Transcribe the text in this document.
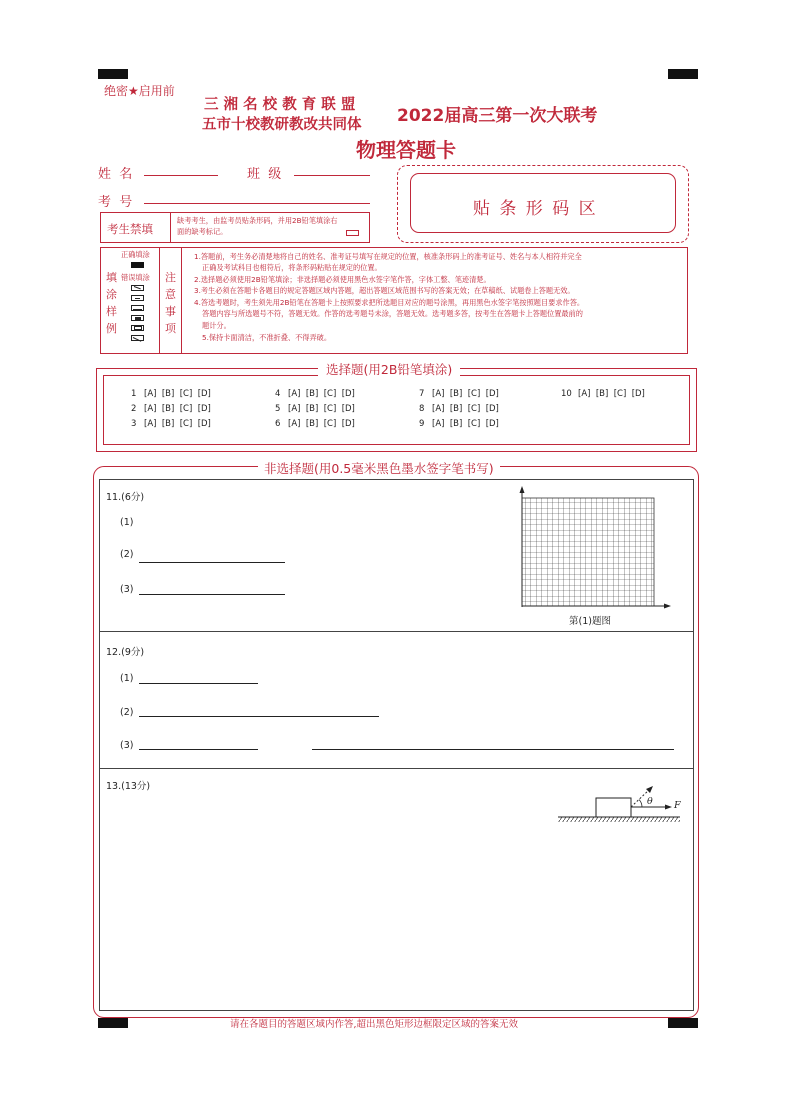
绝密★启用前
三 湘 名 校 教 育 联 盟
五市十校教研教改共同体 2022届高三第一次大联考
物理答题卡
姓  名	班  级
考  号
考生禁填
缺考考生，由监考员贴条形码，并用2B铅笔填涂右
面的缺考标记。
贴 条 形 码 区
填
涂
样
例
正确填涂
错误填涂 注
意
事
项
1.答题前，考生务必清楚地将自己的姓名、准考证号填写在规定的位置，核准条形码上的准考证号、姓名与本人相符并完全
正确及考试科目也相符后，将条形码粘贴在规定的位置。
2.选择题必须使用2B铅笔填涂；非选择题必须使用黑色水签字笔作答，字体工整、笔迹清楚。
3.考生必须在答题卡各题目的规定答题区域内答题，超出答题区域范围书写的答案无效；在草稿纸、试题卷上答题无效。
4.答选考题时，考生须先用2B铅笔在答题卡上按照要求把所选题目对应的题号涂黑，再用黑色水签字笔按照题目要求作答。
答题内容与所选题号不符，答题无效。作答的选考题号未涂，答题无效。选考题多答，按考生在答题卡上答题位置最前的
题计分。
5.保持卡面清洁，不准折叠、不得弄破。
选择题(用2B铅笔填涂)
1 [A]  [B]  [C]  [D]
2 [A]  [B]  [C]  [D]
3 [A]  [B]  [C]  [D]
4 [A]  [B]  [C]  [D]
5 [A]  [B]  [C]  [D]
6 [A]  [B]  [C]  [D]
7 [A]  [B]  [C]  [D]
8 [A]  [B]  [C]  [D]
9 [A]  [B]  [C]  [D]
10 [A]  [B]  [C]  [D]
非选择题(用0.5毫米黑色墨水签字笔书写)
11.(6分)
(1)
(2)
(3)
第(1)题图
12.(9分)
(1)
(2)
(3)
13.(13分)
θ F
请在各题目的答题区域内作答,超出黑色矩形边框限定区域的答案无效
